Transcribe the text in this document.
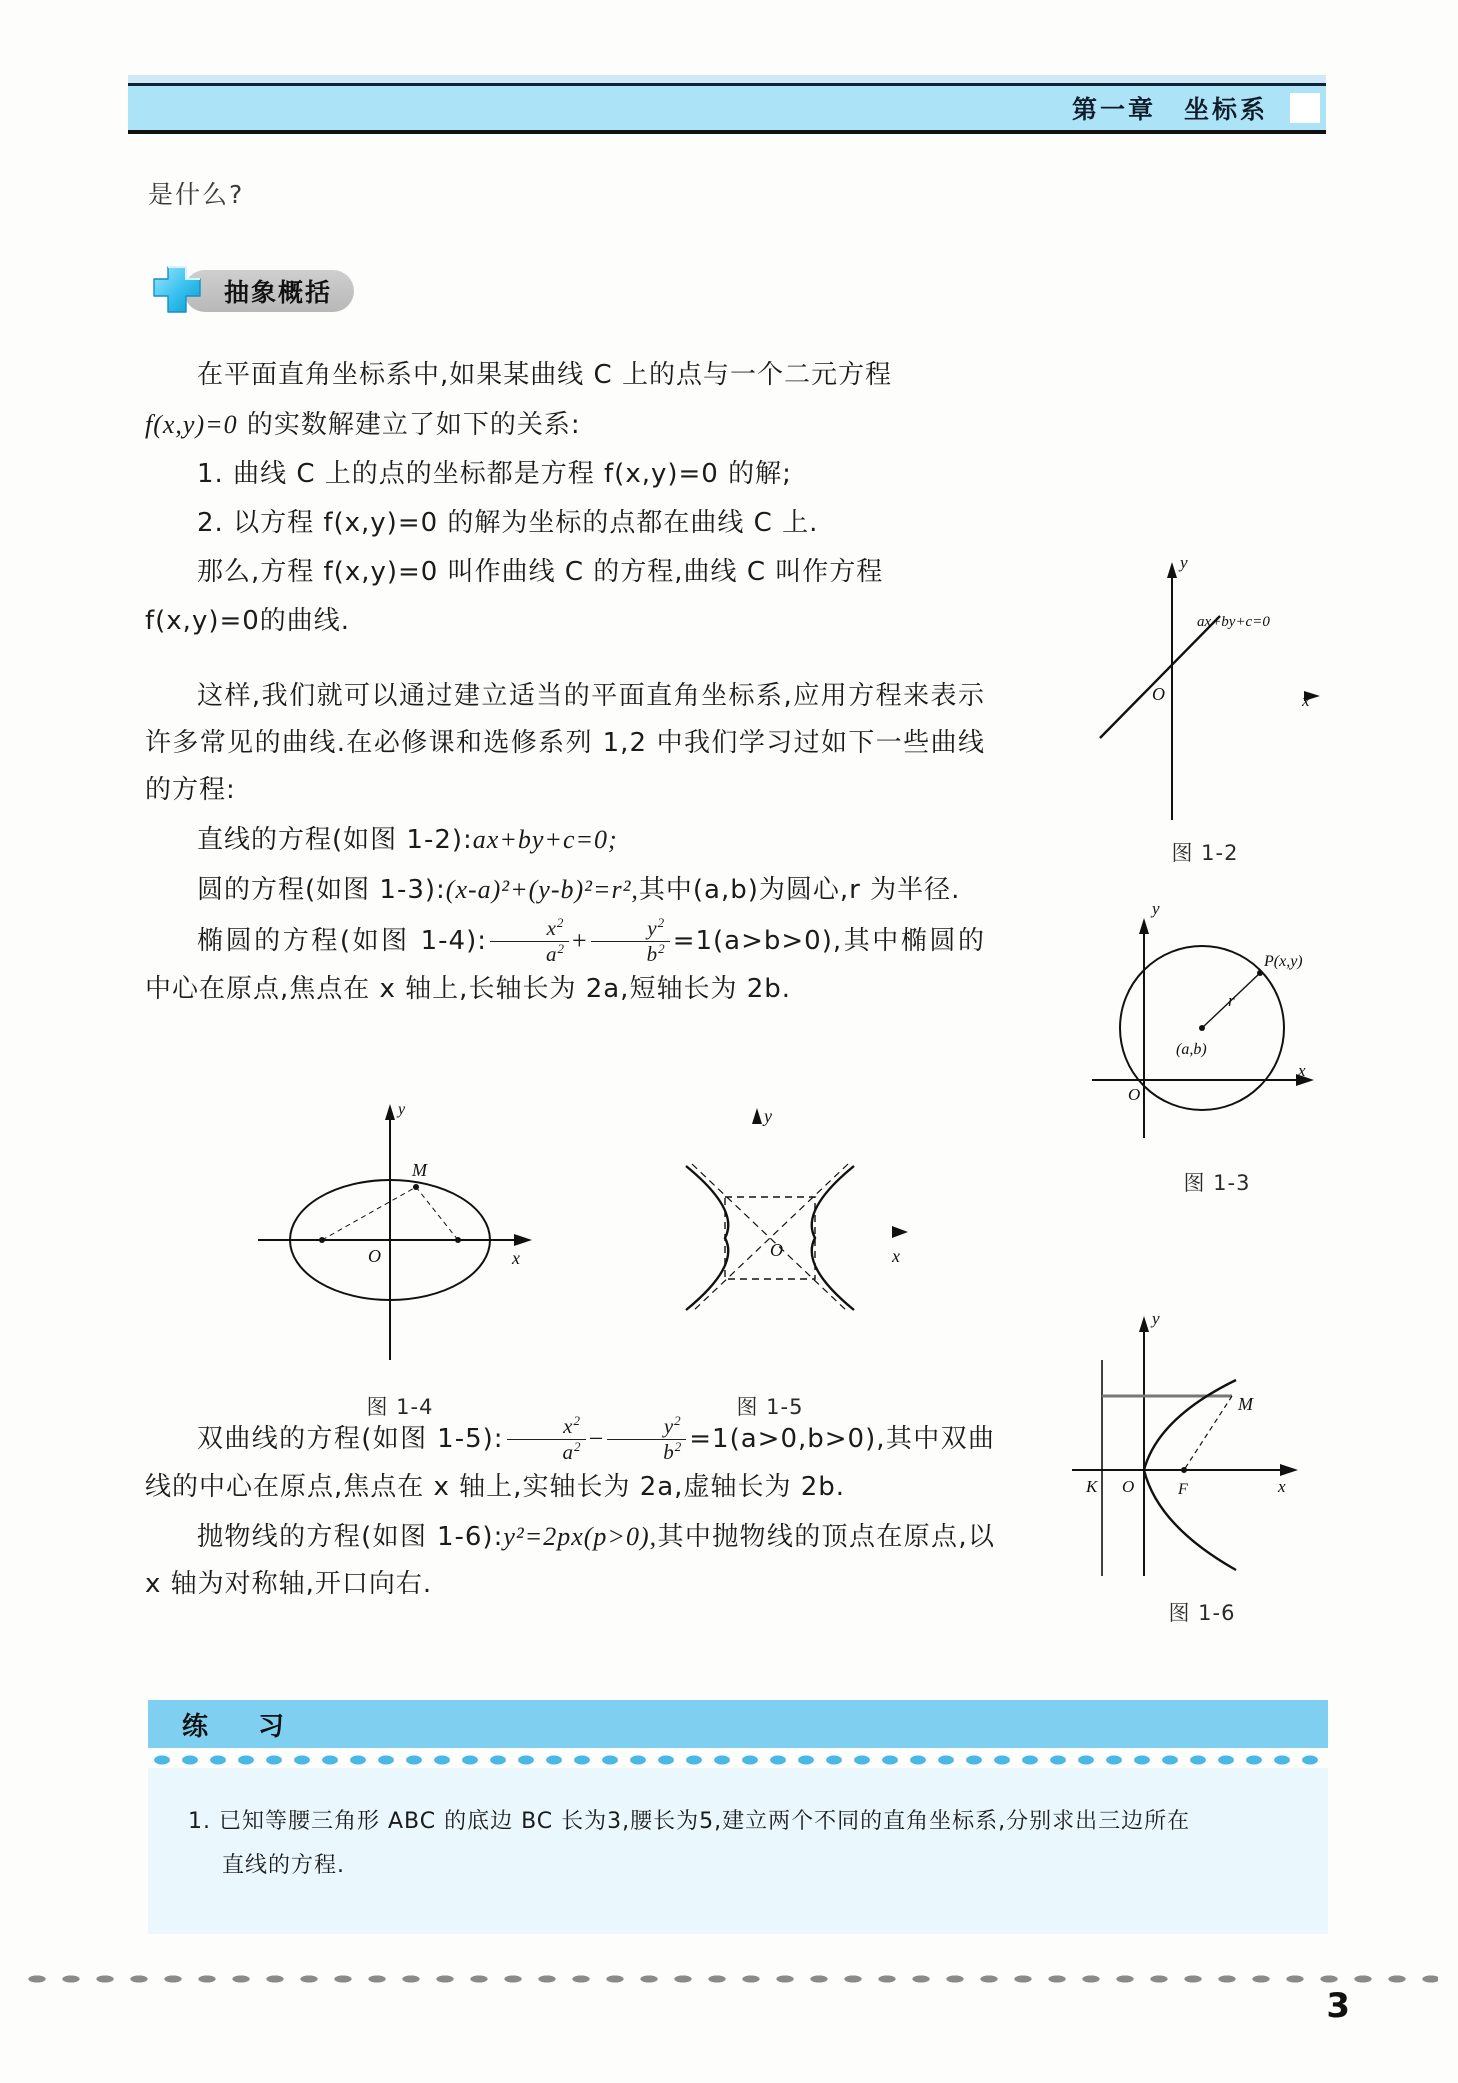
第一章　坐标系
是什么?
抽象概括

在平面直角坐标系中,如果某曲线 C 上的点与一个二元方程

f(x,y)=0 的实数解建立了如下的关系:

1. 曲线 C 上的点的坐标都是方程 f(x,y)=0 的解;

2. 以方程 f(x,y)=0 的解为坐标的点都在曲线 C 上.

那么,方程 f(x,y)=0 叫作曲线 C 的方程,曲线 C 叫作方程

f(x,y)=0的曲线.

这样,我们就可以通过建立适当的平面直角坐标系,应用方程来表示许多常见的曲线.在必修课和选修系列 1,2 中我们学习过如下一些曲线的方程:

直线的方程(如图 1-2):ax+by+c=0;

圆的方程(如图 1-3):(x-a)²+(y-b)²=r²,其中(a,b)为圆心,r 为半径.

椭圆的方程(如图 1-4): $\frac{x^2}{a^2} + \frac{y^2}{b^2} =1(a>b>0)$,其中椭圆的中心在原点,焦点在 x 轴上,长轴长为 2a,短轴长为 2b.

y
O	x
ax+by+c=0
图 1-2
O
y
x
P(x,y)
r
(a,b)
图 1-3
y
O	x
M
图 1-4
y
O	x
图 1-5
y
K O	F	x
M
图 1-6

双曲线的方程(如图 1-5): $\frac{x^2}{a^2} - \frac{y^2}{b^2} =1(a>0,b>0)$,其中双曲线的中心在原点,焦点在 x 轴上,实轴长为 2a,虚轴长为 2b.

抛物线的方程(如图 1-6):y²=2px(p>0),其中抛物线的顶点在原点,以 x 轴为对称轴,开口向右.

练　习
1. 已知等腰三角形 ABC 的底边 BC 长为3,腰长为5,建立两个不同的直角坐标系,分别求出三边所在
直线的方程.
3
